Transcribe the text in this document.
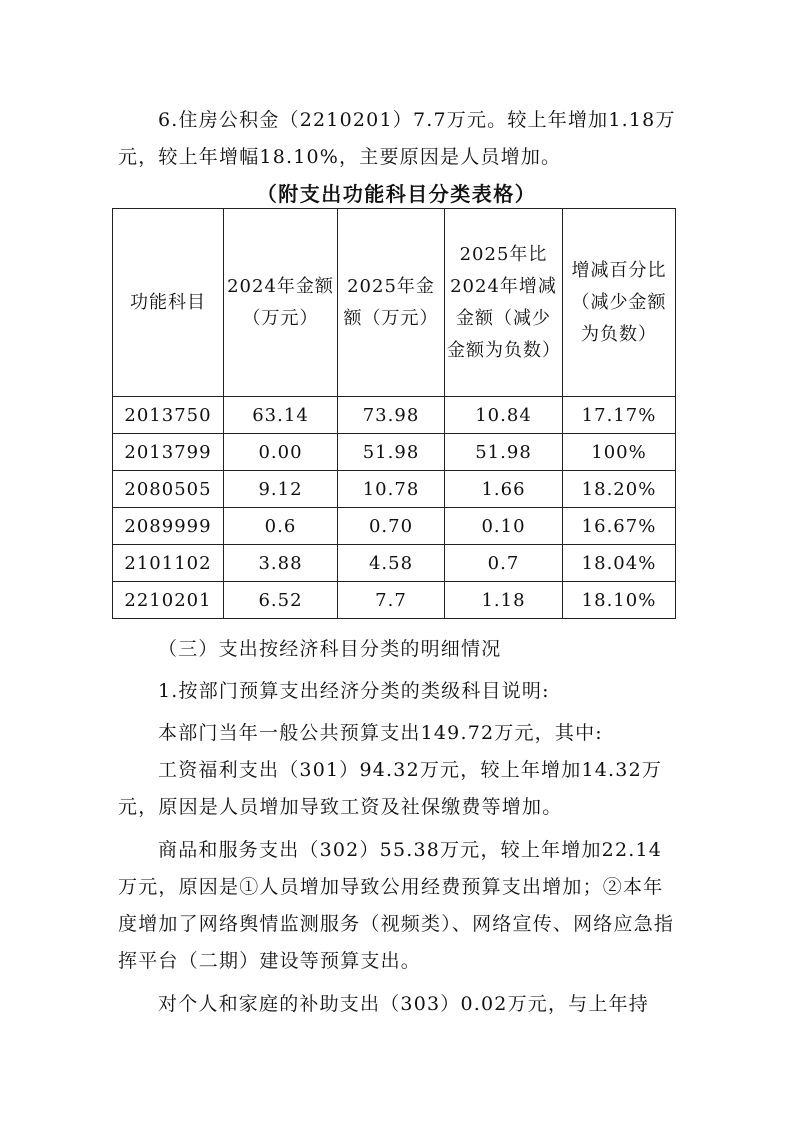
6.住房公积金（2210201）7.7万元。较上年增加1.18万元，较上年增幅18.10%，主要原因是人员增加。

（附支出功能科目分类表格）
功能科目	2024年金额（万元）	2025年金额（万元）	2025年比2024年增减金额（减少金额为负数）	增减百分比（减少金额为负数）
2013750	63.14	73.98	10.84	17.17%
2013799	0.00	51.98	51.98	100%
2080505	9.12	10.78	1.66	18.20%
2089999	0.6	0.70	0.10	16.67%
2101102	3.88	4.58	0.7	18.04%
2210201	6.52	7.7	1.18	18.10%
（三）支出按经济科目分类的明细情况
1.按部门预算支出经济分类的类级科目说明:
本部门当年一般公共预算支出149.72万元，其中:

工资福利支出（301）94.32万元，较上年增加14.32万元，原因是人员增加导致工资及社保缴费等增加。

商品和服务支出（302）55.38万元，较上年增加22.14万元，原因是①人员增加导致公用经费预算支出增加；②本年度增加了网络舆情监测服务（视频类）、网络宣传、网络应急指挥平台（二期）建设等预算支出。

对个人和家庭的补助支出（303）0.02万元，与上年持
